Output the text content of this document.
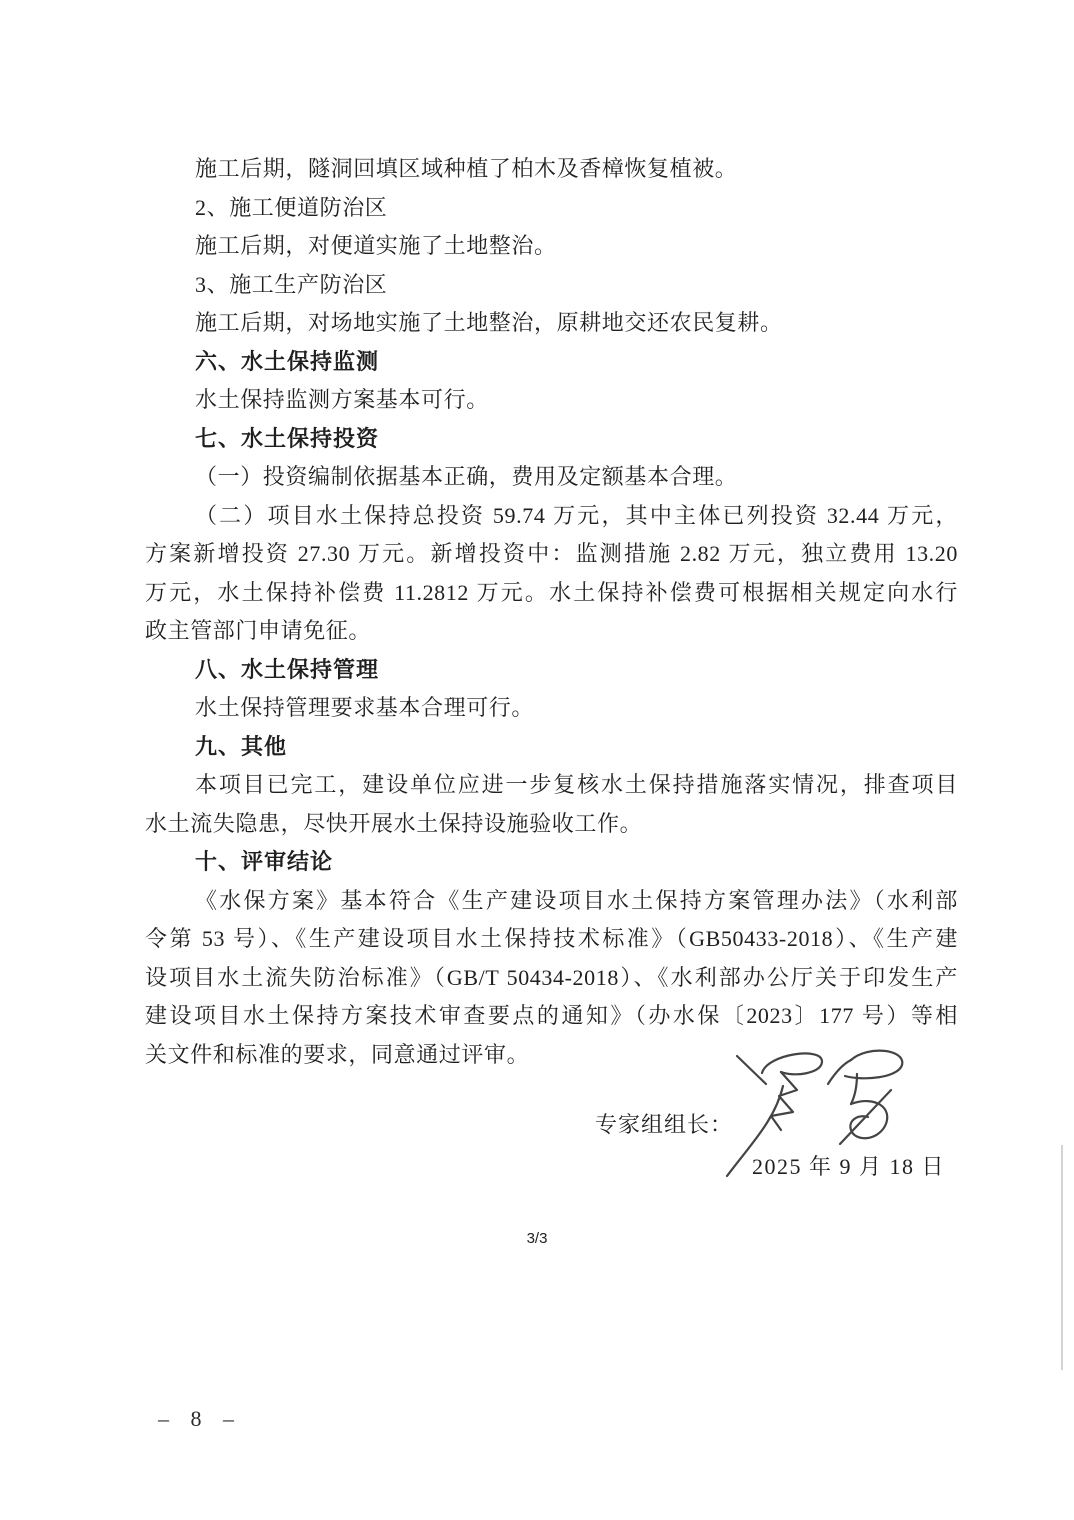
施工后期，隧洞回填区域种植了柏木及香樟恢复植被。
2、施工便道防治区
施工后期，对便道实施了土地整治。
3、施工生产防治区
施工后期，对场地实施了土地整治，原耕地交还农民复耕。
六、水土保持监测
水土保持监测方案基本可行。
七、水土保持投资
（一）投资编制依据基本正确，费用及定额基本合理。
（二）项目水土保持总投资 59.74 万元，其中主体已列投资 32.44 万元，
方案新增投资 27.30 万元。新增投资中：监测措施 2.82 万元，独立费用 13.20
万元，水土保持补偿费 11.2812 万元。水土保持补偿费可根据相关规定向水行
政主管部门申请免征。
八、水土保持管理
水土保持管理要求基本合理可行。
九、其他
本项目已完工，建设单位应进一步复核水土保持措施落实情况，排查项目
水土流失隐患，尽快开展水土保持设施验收工作。
十、评审结论
《水保方案》基本符合《生产建设项目水土保持方案管理办法》（水利部
令第 53 号）、《生产建设项目水土保持技术标准》（GB50433-2018）、《生产建
设项目水土流失防治标准》（GB/T 50434-2018）、《水利部办公厅关于印发生产
建设项目水土保持方案技术审查要点的通知》（办水保〔2023〕177 号）等相
关文件和标准的要求，同意通过评审。
专家组组长：
2025 年 9 月 18 日
3/3
– 8 –
